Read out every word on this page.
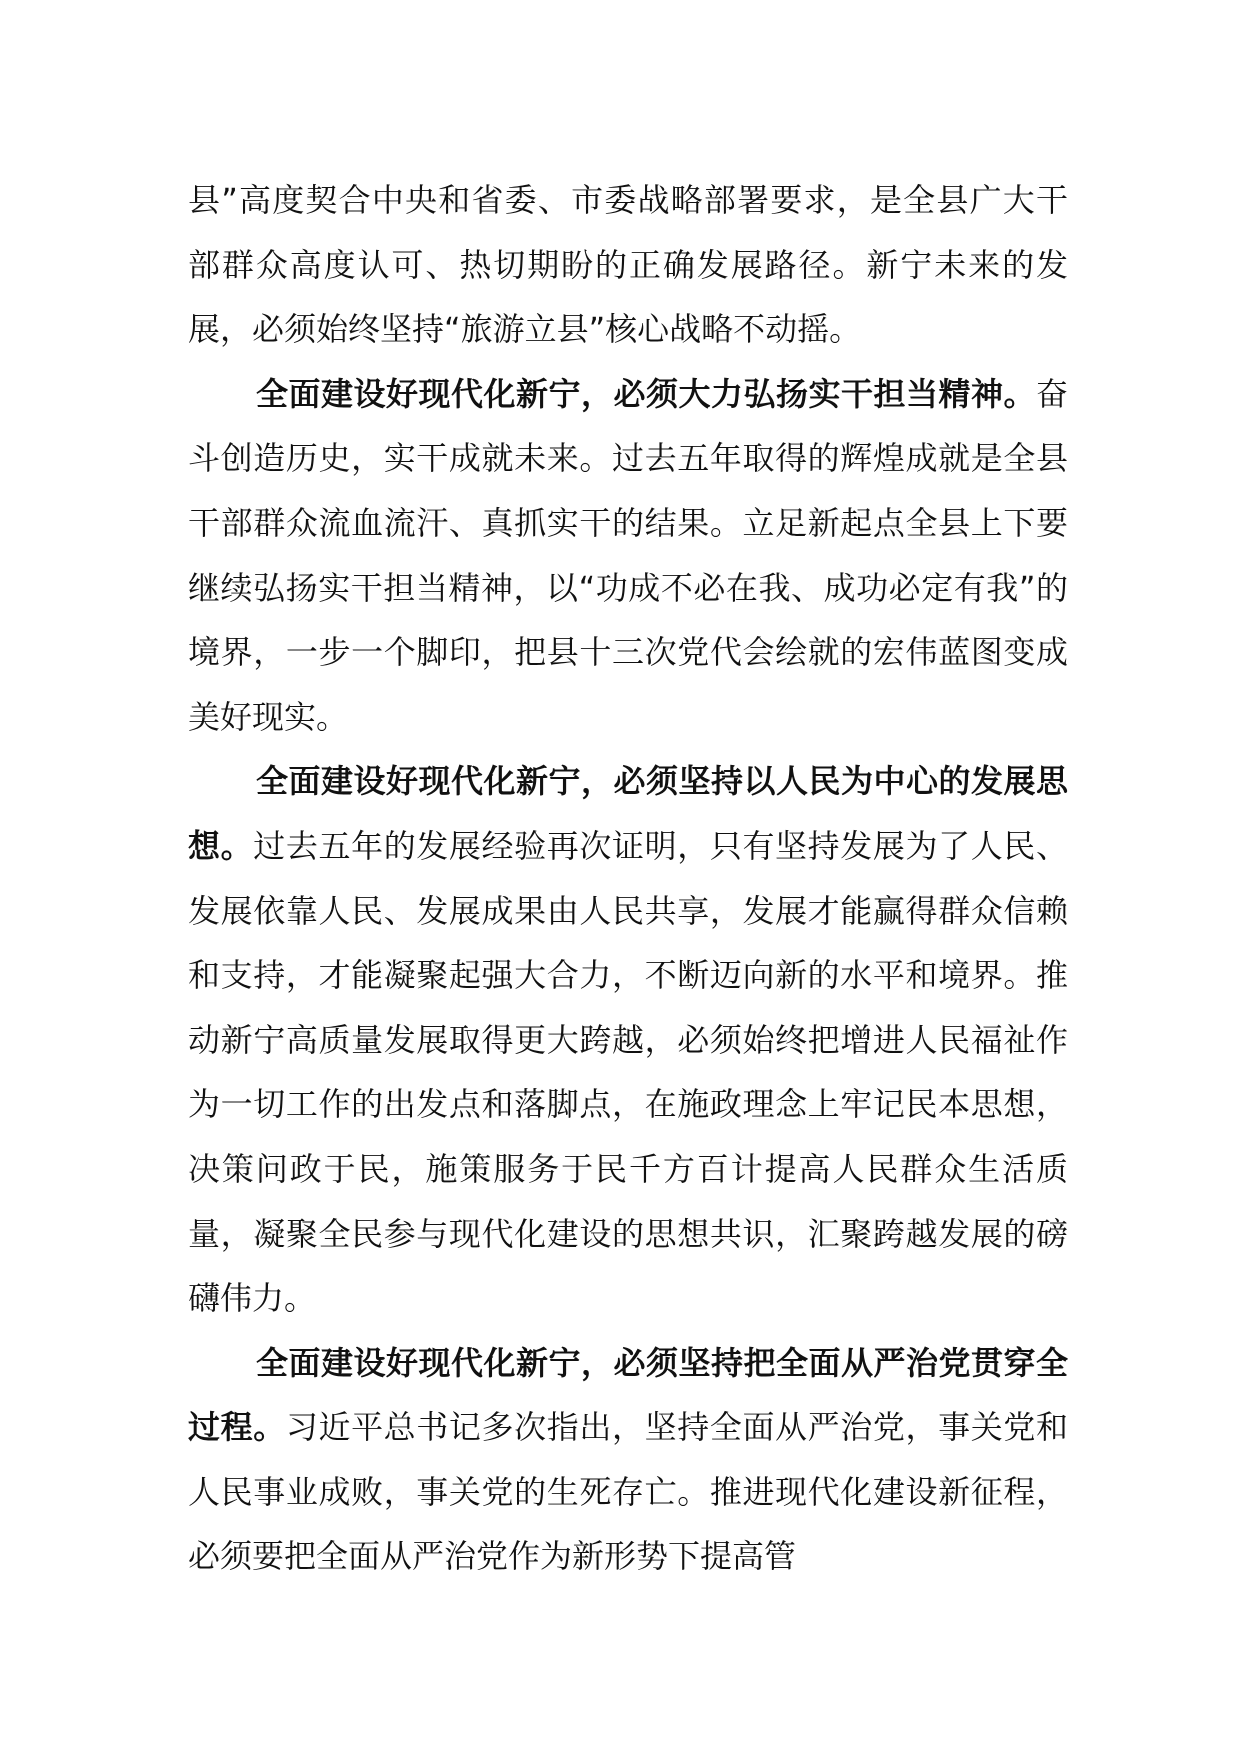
县”高度契合中央和省委、市委战略部署要求，是全县广大干部群众高度认可、热切期盼的正确发展路径。新宁未来的发展，必须始终坚持“旅游立县”核心战略不动摇。

全面建设好现代化新宁，必须大力弘扬实干担当精神。奋斗创造历史，实干成就未来。过去五年取得的辉煌成就是全县干部群众流血流汗、真抓实干的结果。立足新起点全县上下要继续弘扬实干担当精神，以“功成不必在我、成功必定有我”的境界，一步一个脚印，把县十三次党代会绘就的宏伟蓝图变成美好现实。

全面建设好现代化新宁，必须坚持以人民为中心的发展思想。过去五年的发展经验再次证明，只有坚持发展为了人民、发展依靠人民、发展成果由人民共享，发展才能赢得群众信赖和支持，才能凝聚起强大合力，不断迈向新的水平和境界。推动新宁高质量发展取得更大跨越，必须始终把增进人民福祉作为一切工作的出发点和落脚点，在施政理念上牢记民本思想，决策问政于民，施策服务于民千方百计提高人民群众生活质量，凝聚全民参与现代化建设的思想共识，汇聚跨越发展的磅礴伟力。

全面建设好现代化新宁，必须坚持把全面从严治党贯穿全过程。习近平总书记多次指出，坚持全面从严治党，事关党和人民事业成败，事关党的生死存亡。推进现代化建设新征程，必须要把全面从严治党作为新形势下提高管
